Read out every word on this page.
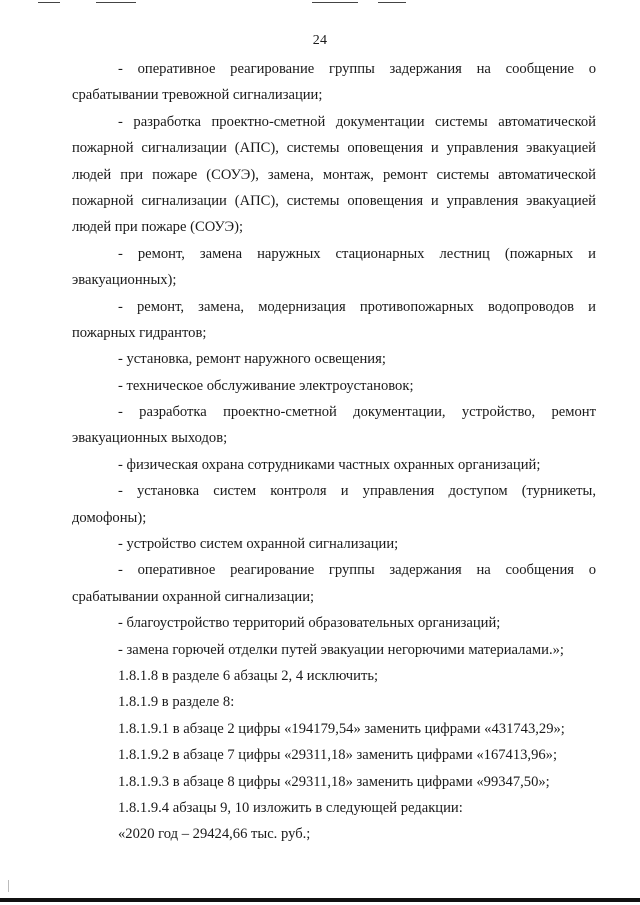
24
- оперативное реагирование группы задержания на сообщение о
срабатывании тревожной сигнализации;
- разработка проектно-сметной документации системы автоматической
пожарной сигнализации (АПС), системы оповещения и управления эвакуацией
людей при пожаре (СОУЭ), замена, монтаж, ремонт системы автоматической
пожарной сигнализации (АПС), системы оповещения и управления эвакуацией
людей при пожаре (СОУЭ);
- ремонт, замена наружных стационарных лестниц (пожарных и
эвакуационных);
- ремонт, замена, модернизация противопожарных водопроводов и
пожарных гидрантов;
- установка, ремонт наружного освещения;
- техническое обслуживание электроустановок;
- разработка проектно-сметной документации, устройство, ремонт
эвакуационных выходов;
- физическая охрана сотрудниками частных охранных организаций;
- установка систем контроля и управления доступом (турникеты,
домофоны);
- устройство систем охранной сигнализации;
- оперативное реагирование группы задержания на сообщения о
срабатывании охранной сигнализации;
- благоустройство территорий образовательных организаций;
- замена горючей отделки путей эвакуации негорючими материалами.»;
1.8.1.8 в разделе 6 абзацы 2, 4 исключить;
1.8.1.9 в разделе 8:
1.8.1.9.1 в абзаце 2 цифры «194179,54» заменить цифрами «431743,29»;
1.8.1.9.2 в абзаце 7 цифры «29311,18» заменить цифрами «167413,96»;
1.8.1.9.3 в абзаце 8 цифры «29311,18» заменить цифрами «99347,50»;
1.8.1.9.4 абзацы 9, 10 изложить в следующей редакции:
«2020 год – 29424,66 тыс. руб.;
